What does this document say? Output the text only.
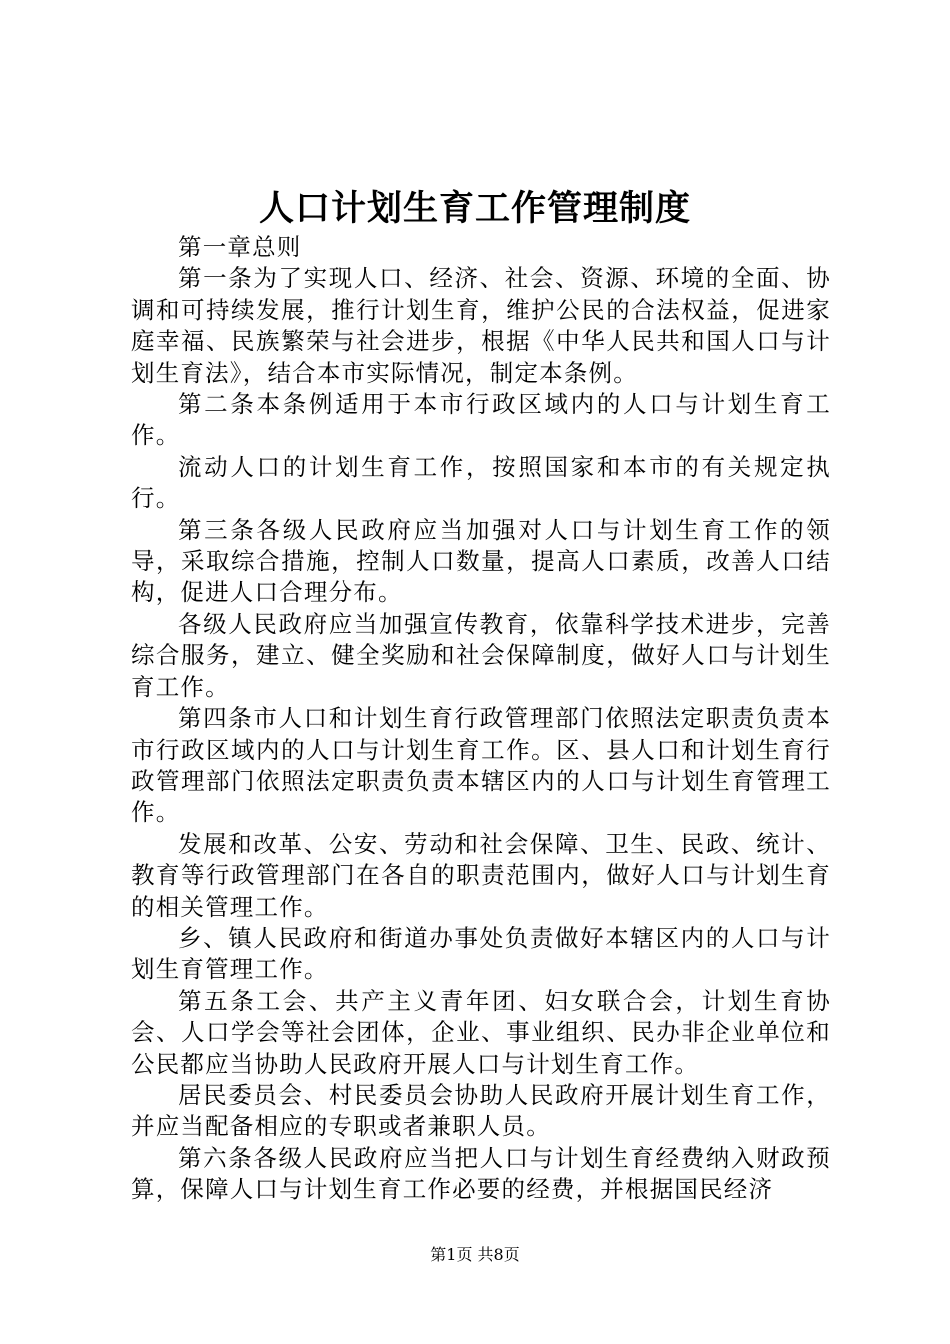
人口计划生育工作管理制度

第一章总则

第一条为了实现人口、经济、社会、资源、环境的全面、协调和可持续发展，推行计划生育，维护公民的合法权益，促进家庭幸福、民族繁荣与社会进步，根据《中华人民共和国人口与计划生育法》，结合本市实际情况，制定本条例。

第二条本条例适用于本市行政区域内的人口与计划生育工作。

流动人口的计划生育工作，按照国家和本市的有关规定执行。

第三条各级人民政府应当加强对人口与计划生育工作的领导，采取综合措施，控制人口数量，提高人口素质，改善人口结构，促进人口合理分布。

各级人民政府应当加强宣传教育，依靠科学技术进步，完善综合服务，建立、健全奖励和社会保障制度，做好人口与计划生育工作。

第四条市人口和计划生育行政管理部门依照法定职责负责本市行政区域内的人口与计划生育工作。区、县人口和计划生育行政管理部门依照法定职责负责本辖区内的人口与计划生育管理工作。

发展和改革、公安、劳动和社会保障、卫生、民政、统计、教育等行政管理部门在各自的职责范围内，做好人口与计划生育的相关管理工作。

乡、镇人民政府和街道办事处负责做好本辖区内的人口与计划生育管理工作。

第五条工会、共产主义青年团、妇女联合会，计划生育协会、人口学会等社会团体，企业、事业组织、民办非企业单位和公民都应当协助人民政府开展人口与计划生育工作。

居民委员会、村民委员会协助人民政府开展计划生育工作，并应当配备相应的专职或者兼职人员。

第六条各级人民政府应当把人口与计划生育经费纳入财政预算，保障人口与计划生育工作必要的经费，并根据国民经济

第1页 共8页
